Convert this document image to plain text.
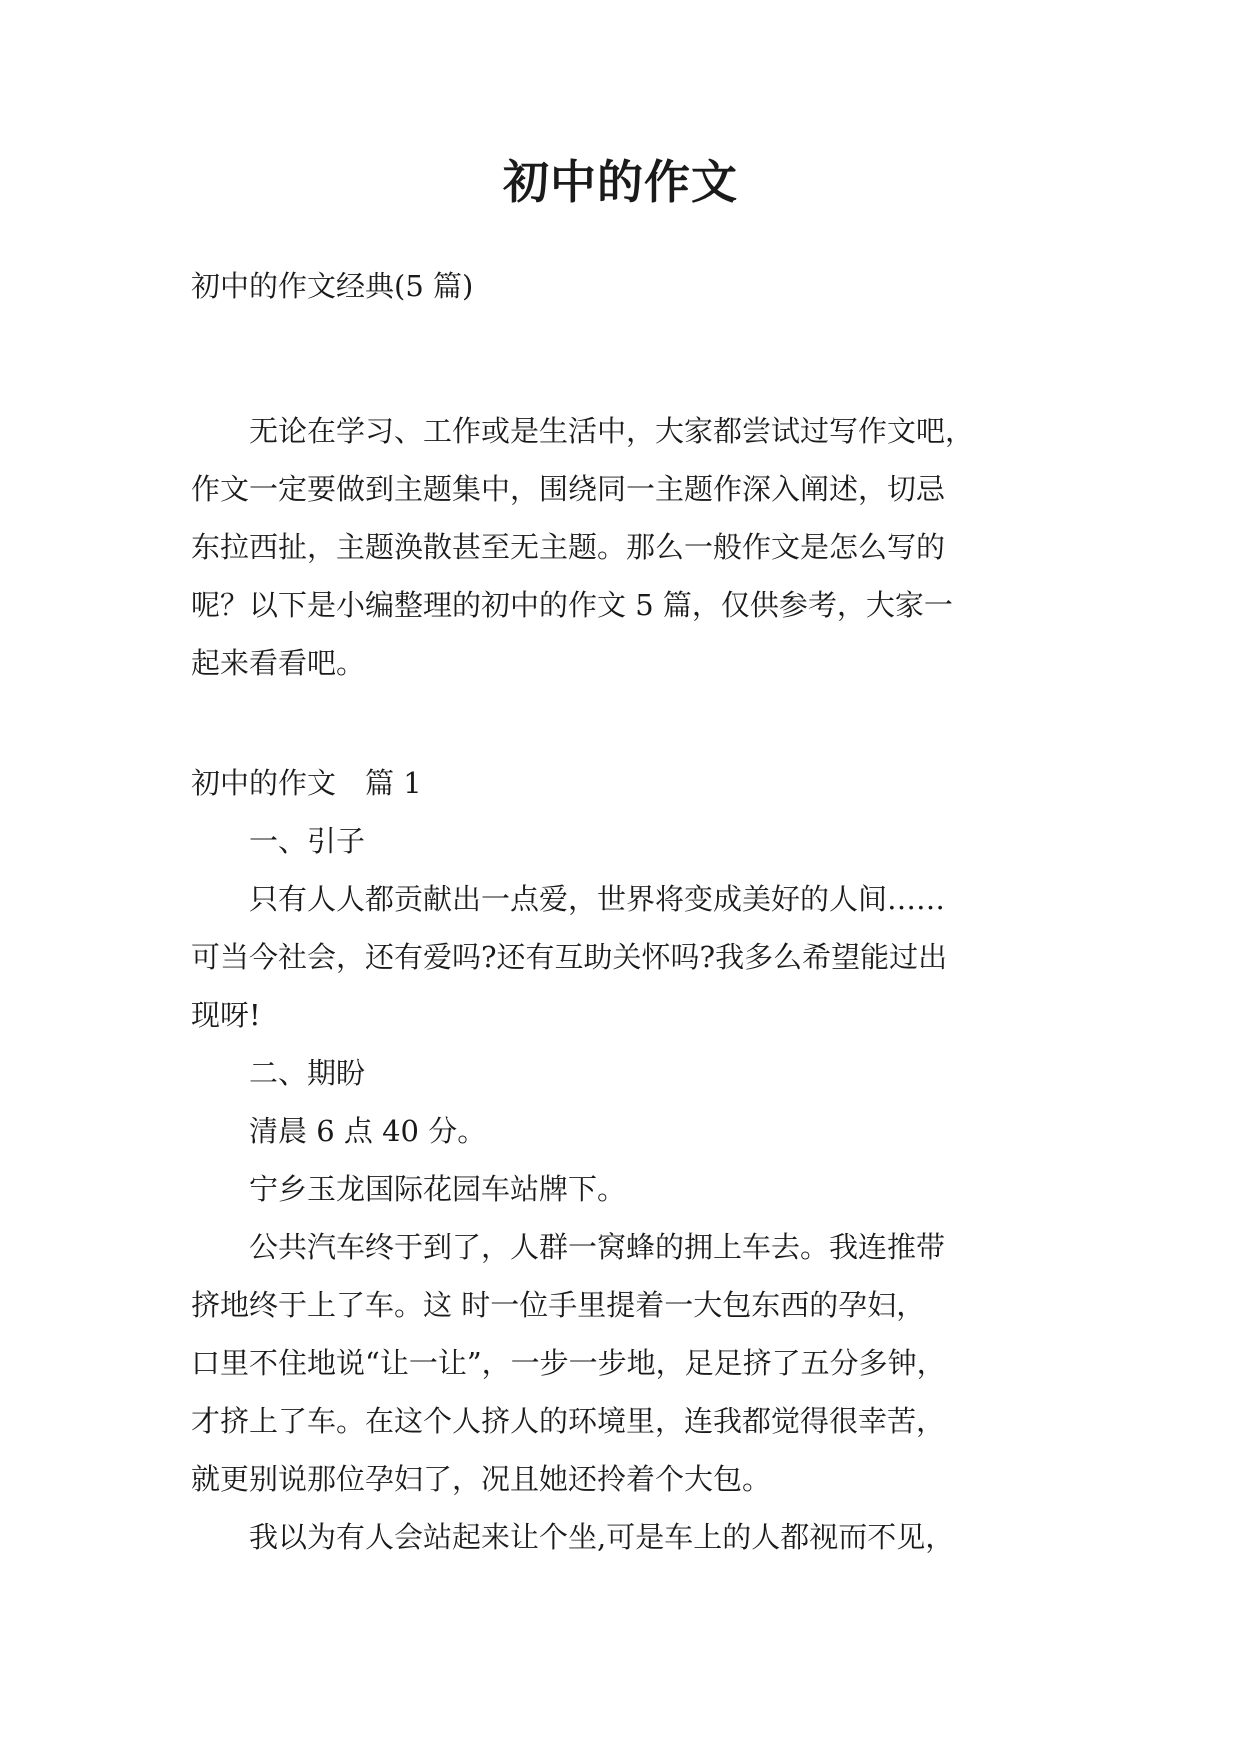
初中的作文
初中的作文经典(5 篇)

　　无论在学习、工作或是生活中，大家都尝试过写作文吧，

作文一定要做到主题集中，围绕同一主题作深入阐述，切忌

东拉西扯，主题涣散甚至无主题。那么一般作文是怎么写的

呢？以下是小编整理的初中的作文 5 篇，仅供参考，大家一

起来看看吧。

初中的作文　篇 1

　　一、引子

　　只有人人都贡献出一点爱，世界将变成美好的人间……

可当今社会，还有爱吗?还有互助关怀吗?我多么希望能过出

现呀!

　　二、期盼

　　清晨 6 点 40 分。

　　宁乡玉龙国际花园车站牌下。

　　公共汽车终于到了，人群一窝蜂的拥上车去。我连推带

挤地终于上了车。这 时一位手里提着一大包东西的孕妇，

口里不住地说“让一让”，一步一步地，足足挤了五分多钟，

才挤上了车。在这个人挤人的环境里，连我都觉得很幸苦，

就更别说那位孕妇了，况且她还拎着个大包。

　　我以为有人会站起来让个坐,可是车上的人都视而不见，
